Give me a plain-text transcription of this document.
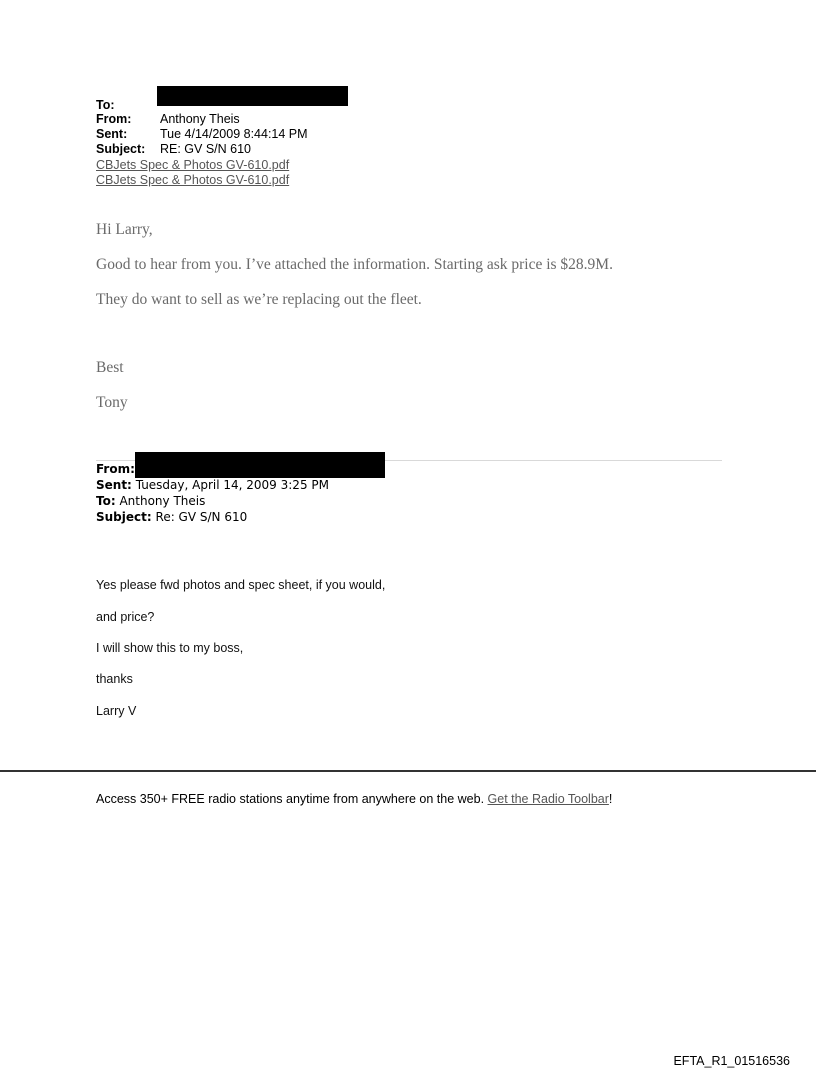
To:
From: Anthony Theis
Sent:	Tue 4/14/2009 8:44:14 PM
Subject: RE: GV S/N 610
CBJets Spec & Photos GV-610.pdf
CBJets Spec & Photos GV-610.pdf

Hi Larry,

Good to hear from you. I’ve attached the information. Starting ask price is $28.9M.

They do want to sell as we’re replacing out the fleet.

Best

Tony

From:
Sent: Tuesday, April 14, 2009 3:25 PM
To: Anthony Theis
Subject: Re: GV S/N 610

Yes please fwd photos and spec sheet, if you would,

and price?

I will show this to my boss,

thanks

Larry V

Access 350+ FREE radio stations anytime from anywhere on the web. Get the Radio Toolbar!
EFTA_R1_01516536
